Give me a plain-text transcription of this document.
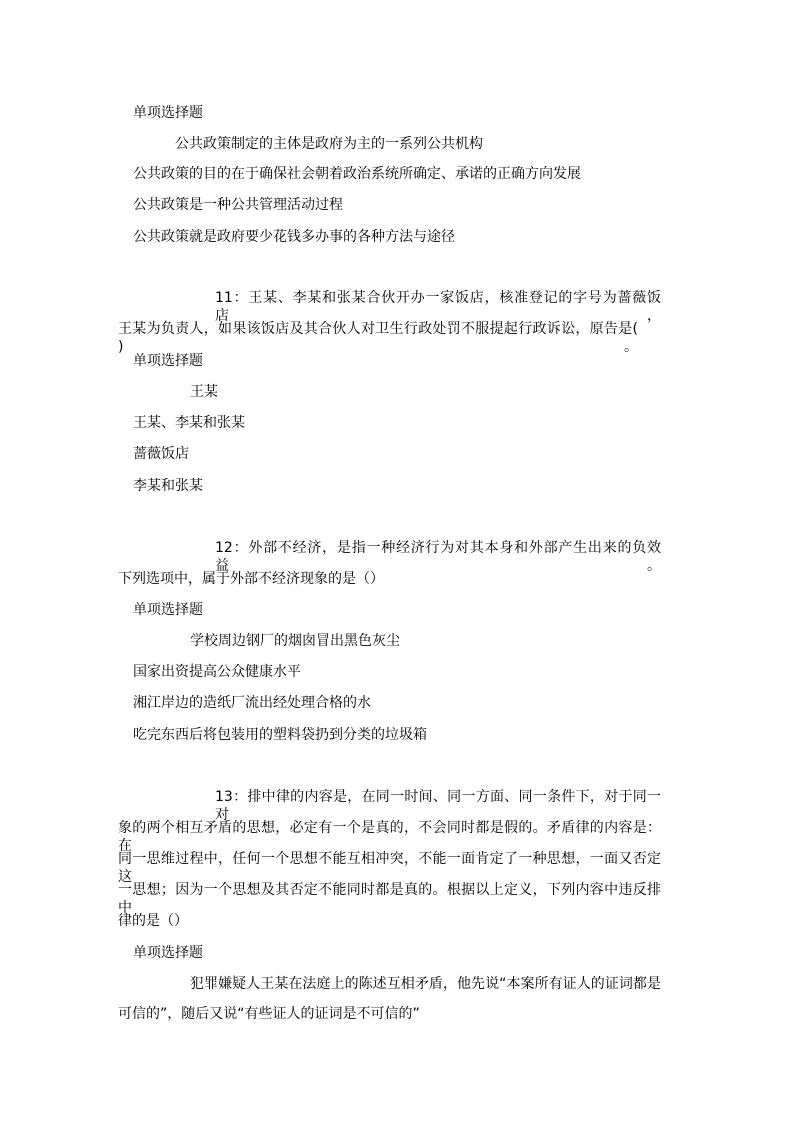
单项选择题
公共政策制定的主体是政府为主的一系列公共机构
公共政策的目的在于确保社会朝着政治系统所确定、承诺的正确方向发展
公共政策是一种公共管理活动过程
公共政策就是政府要少花钱多办事的各种方法与途径
11：王某、李某和张某合伙开办一家饭店，核准登记的字号为蔷薇饭店，
王某为负责人，如果该饭店及其合伙人对卫生行政处罚不服提起行政诉讼，原告是( )。
单项选择题
王某
王某、李某和张某
蔷薇饭店
李某和张某
12：外部不经济，是指一种经济行为对其本身和外部产生出来的负效益。
下列选项中，属于外部不经济现象的是（）
单项选择题
学校周边钢厂的烟囱冒出黑色灰尘
国家出资提高公众健康水平
湘江岸边的造纸厂流出经处理合格的水
吃完东西后将包装用的塑料袋扔到分类的垃圾箱
13：排中律的内容是，在同一时间、同一方面、同一条件下，对于同一对
象的两个相互矛盾的思想，必定有一个是真的，不会同时都是假的。矛盾律的内容是：在
同一思维过程中，任何一个思想不能互相冲突，不能一面肯定了一种思想，一面又否定这
一思想；因为一个思想及其否定不能同时都是真的。根据以上定义，下列内容中违反排中
律的是（）
单项选择题
犯罪嫌疑人王某在法庭上的陈述互相矛盾，他先说“本案所有证人的证词都是
可信的”，随后又说“有些证人的证词是不可信的”
